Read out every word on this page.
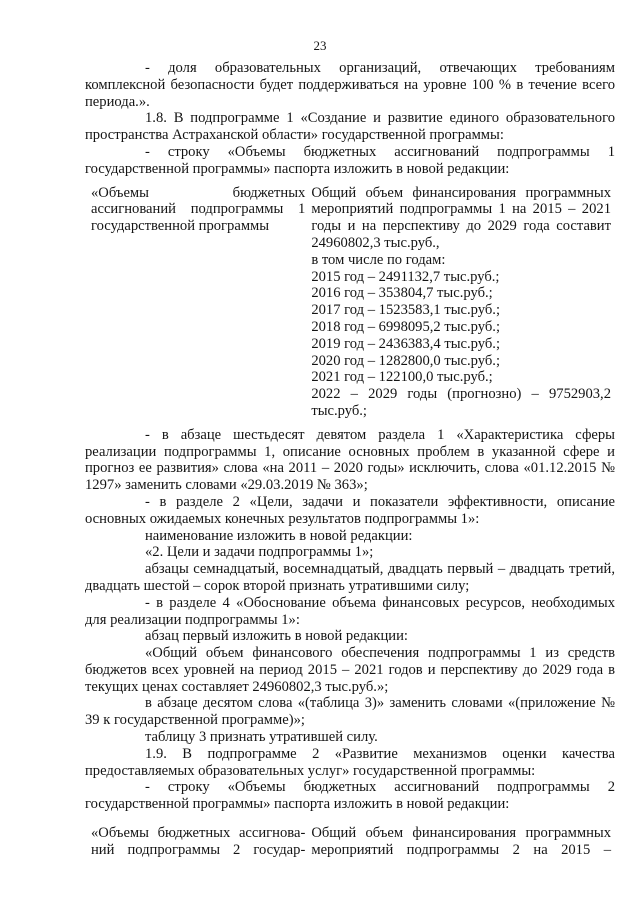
23

- доля образовательных организаций, отвечающих требованиям комплексной безопасности будет поддерживаться на уровне 100 % в течение всего периода.».

1.8. В подпрограмме 1 «Создание и развитие единого образовательного пространства Астраханской области» государственной программы:

- строку «Объемы бюджетных ассигнований подпрограммы 1 государственной программы» паспорта изложить в новой редакции:

«Объемы бюджетных ассигнований подпрограммы 1 государственной программы
Общий объем финансирования программных мероприятий подпрограммы 1 на 2015 – 2021 годы и на перспективу до 2029 года составит 24960802,3 тыс.руб.,
в том числе по годам:
2015 год – 2491132,7 тыс.руб.;
2016 год – 353804,7 тыс.руб.;
2017 год – 1523583,1 тыс.руб.;
2018 год – 6998095,2 тыс.руб.;
2019 год – 2436383,4 тыс.руб.;
2020 год – 1282800,0 тыс.руб.;
2021 год – 122100,0 тыс.руб.;
2022 – 2029 годы (прогнозно) – 9752903,2 тыс.руб.;

- в абзаце шестьдесят девятом раздела 1 «Характеристика сферы реализации подпрограммы 1, описание основных проблем в указанной сфере и прогноз ее развития» слова «на 2011 – 2020 годы» исключить, слова «01.12.2015 № 1297» заменить словами «29.03.2019 № 363»;

- в разделе 2 «Цели, задачи и показатели эффективности, описание основных ожидаемых конечных результатов подпрограммы 1»:

наименование изложить в новой редакции:

«2. Цели и задачи подпрограммы 1»;

абзацы семнадцатый, восемнадцатый, двадцать первый – двадцать третий, двадцать шестой – сорок второй признать утратившими силу;

- в разделе 4 «Обоснование объема финансовых ресурсов, необходимых для реализации подпрограммы 1»:

абзац первый изложить в новой редакции:

«Общий объем финансового обеспечения подпрограммы 1 из средств бюджетов всех уровней на период 2015 – 2021 годов и перспективу до 2029 года в текущих ценах составляет 24960802,3 тыс.руб.»;

в абзаце десятом слова «(таблица 3)» заменить словами «(приложение № 39 к государственной программе)»;

таблицу 3 признать утратившей силу.

1.9. В подпрограмме 2 «Развитие механизмов оценки качества предоставляемых образовательных услуг» государственной программы:

- строку «Объемы бюджетных ассигнований подпрограммы 2 государственной программы» паспорта изложить в новой редакции:

«Объемы бюджетных ассигнова-
ний подпрограммы 2 государ-
Общий объем финансирования программных
мероприятий подпрограммы 2 на 2015 –
